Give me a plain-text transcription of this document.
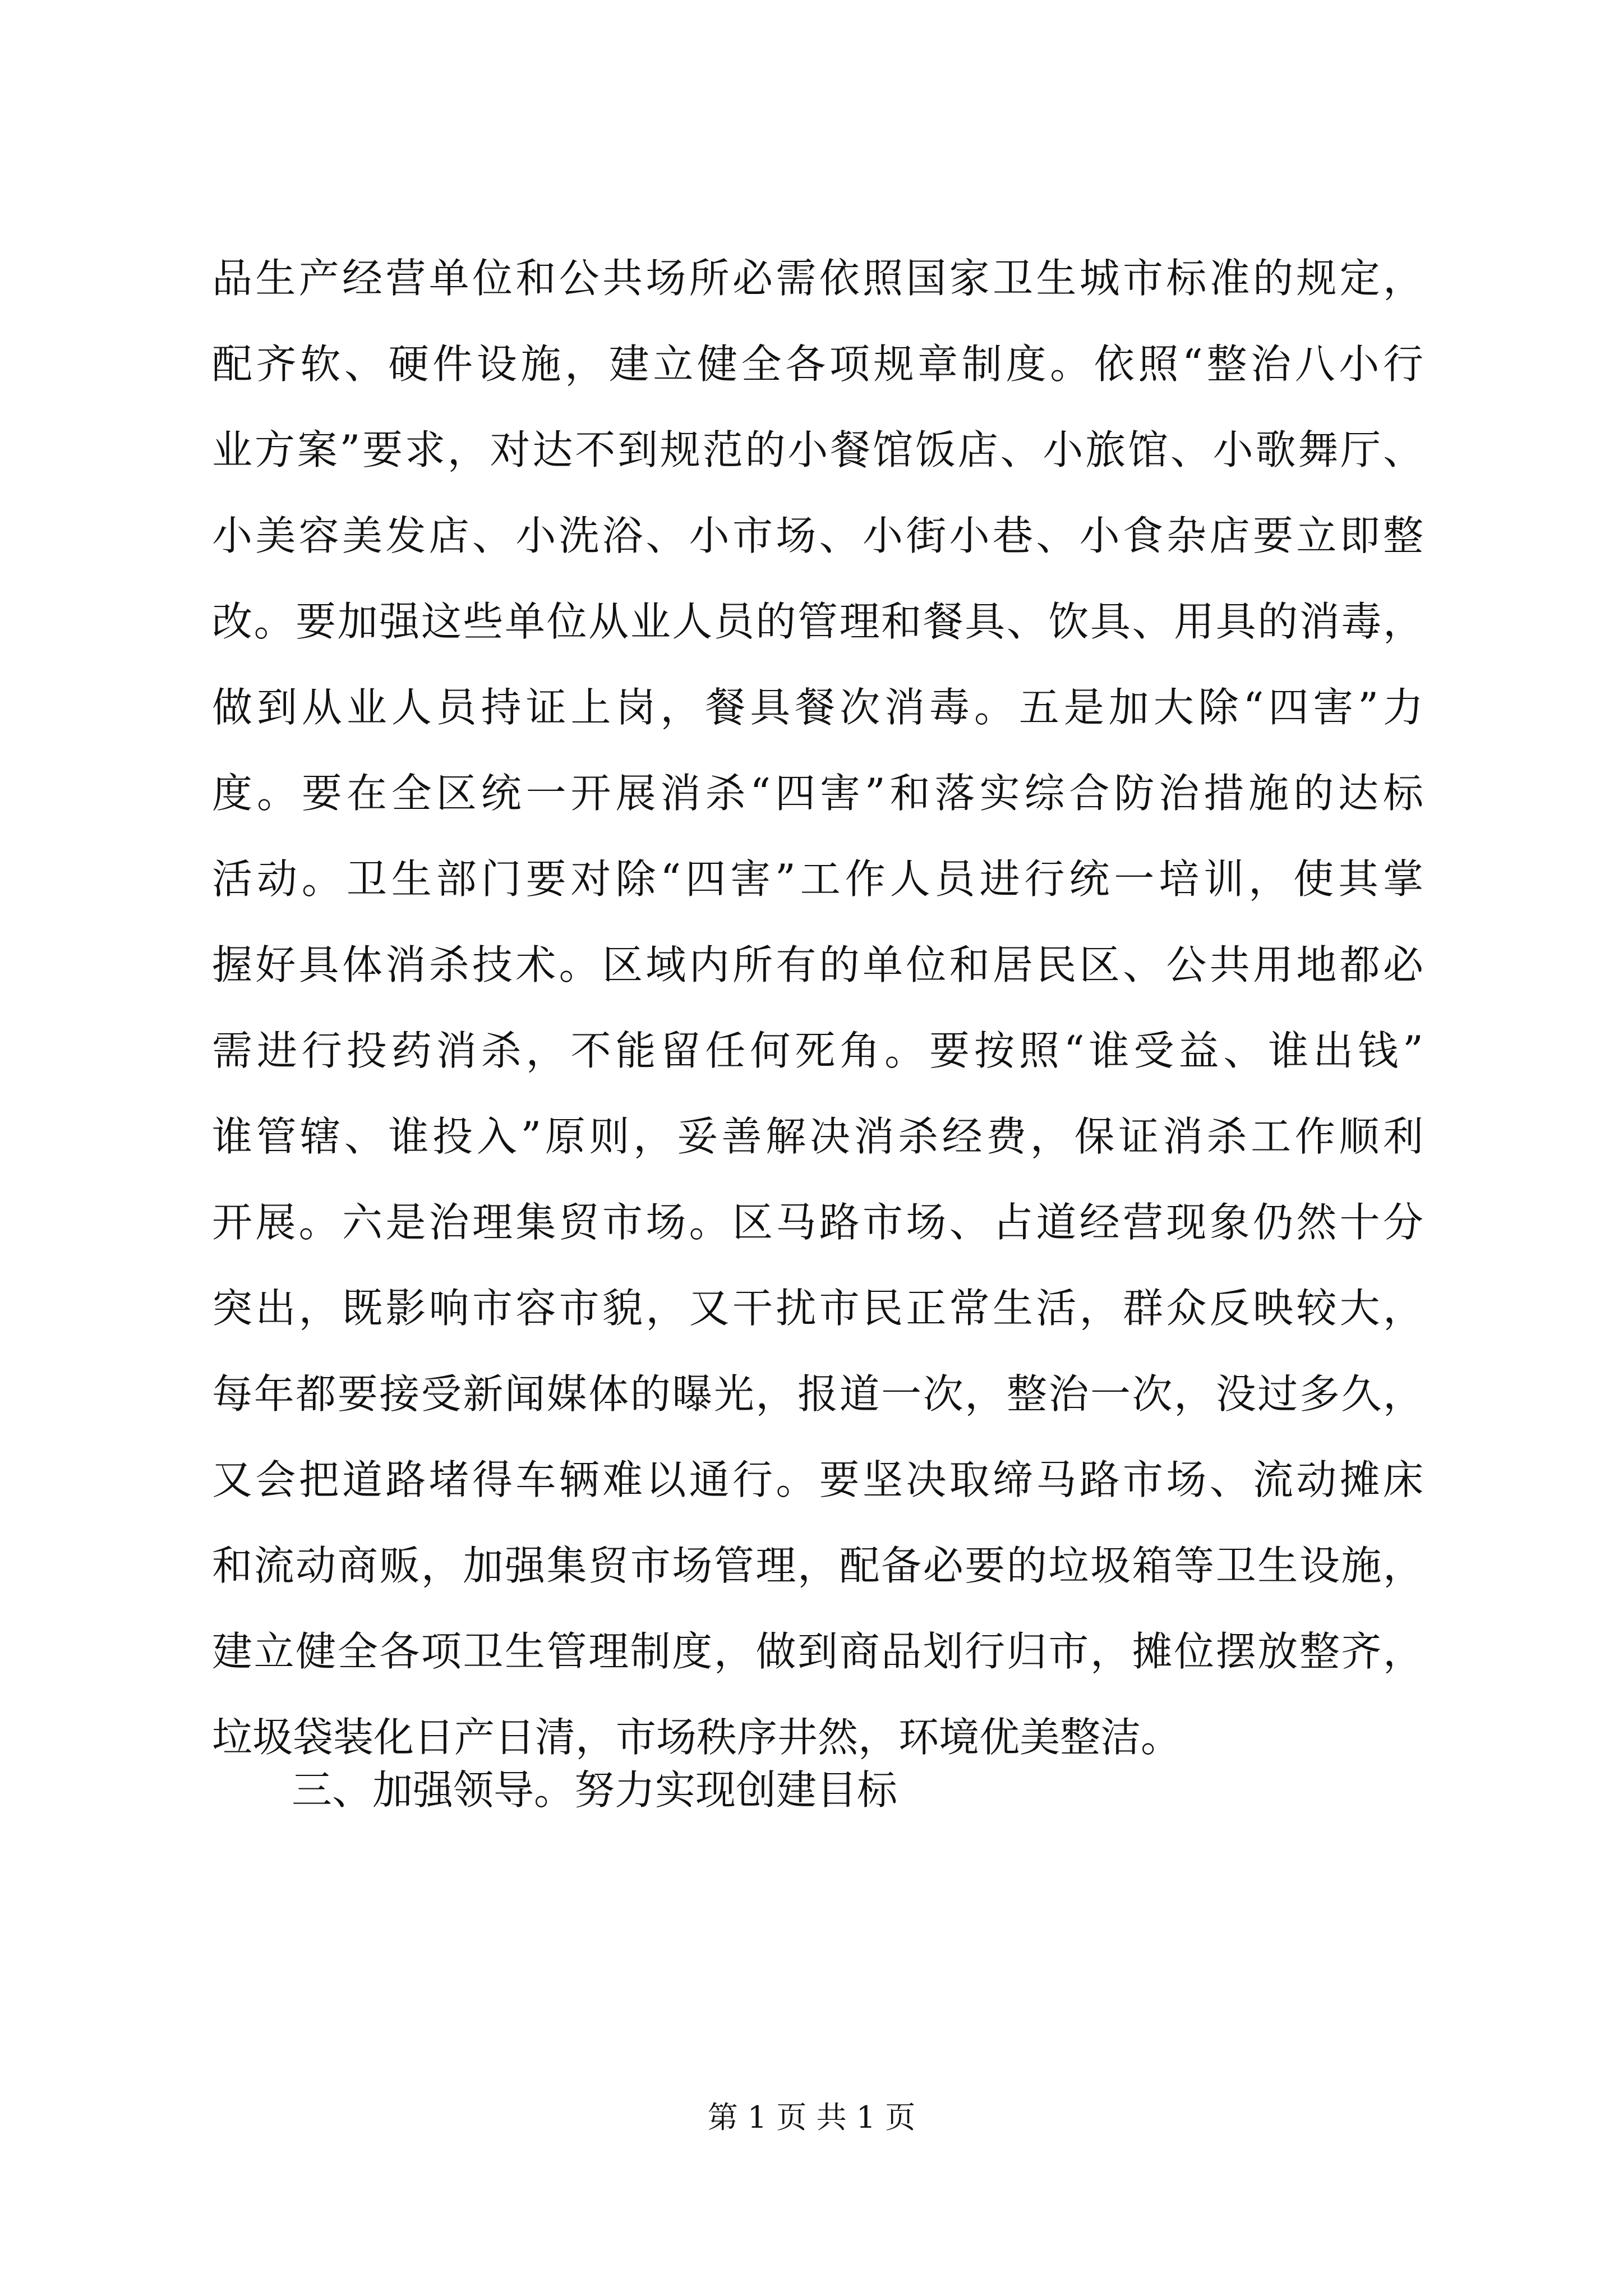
品生产经营单位和公共场所必需依照国家卫生城市标准的规定，
配齐软、硬件设施，建立健全各项规章制度。依照“整治八小行
业方案”要求，对达不到规范的小餐馆饭店、小旅馆、小歌舞厅、
小美容美发店、小洗浴、小市场、小街小巷、小食杂店要立即整
改。要加强这些单位从业人员的管理和餐具、饮具、用具的消毒，
做到从业人员持证上岗，餐具餐次消毒。五是加大除“四害”力
度。要在全区统一开展消杀“四害”和落实综合防治措施的达标
活动。卫生部门要对除“四害”工作人员进行统一培训，使其掌
握好具体消杀技术。区域内所有的单位和居民区、公共用地都必
需进行投药消杀，不能留任何死角。要按照“谁受益、谁出钱”
谁管辖、谁投入”原则，妥善解决消杀经费，保证消杀工作顺利
开展。六是治理集贸市场。区马路市场、占道经营现象仍然十分
突出，既影响市容市貌，又干扰市民正常生活，群众反映较大，
每年都要接受新闻媒体的曝光，报道一次，整治一次，没过多久，
又会把道路堵得车辆难以通行。要坚决取缔马路市场、流动摊床
和流动商贩，加强集贸市场管理，配备必要的垃圾箱等卫生设施，
建立健全各项卫生管理制度，做到商品划行归市，摊位摆放整齐，
垃圾袋装化日产日清，市场秩序井然，环境优美整洁。
三、加强领导。努力实现创建目标
第 1 页 共 1 页
